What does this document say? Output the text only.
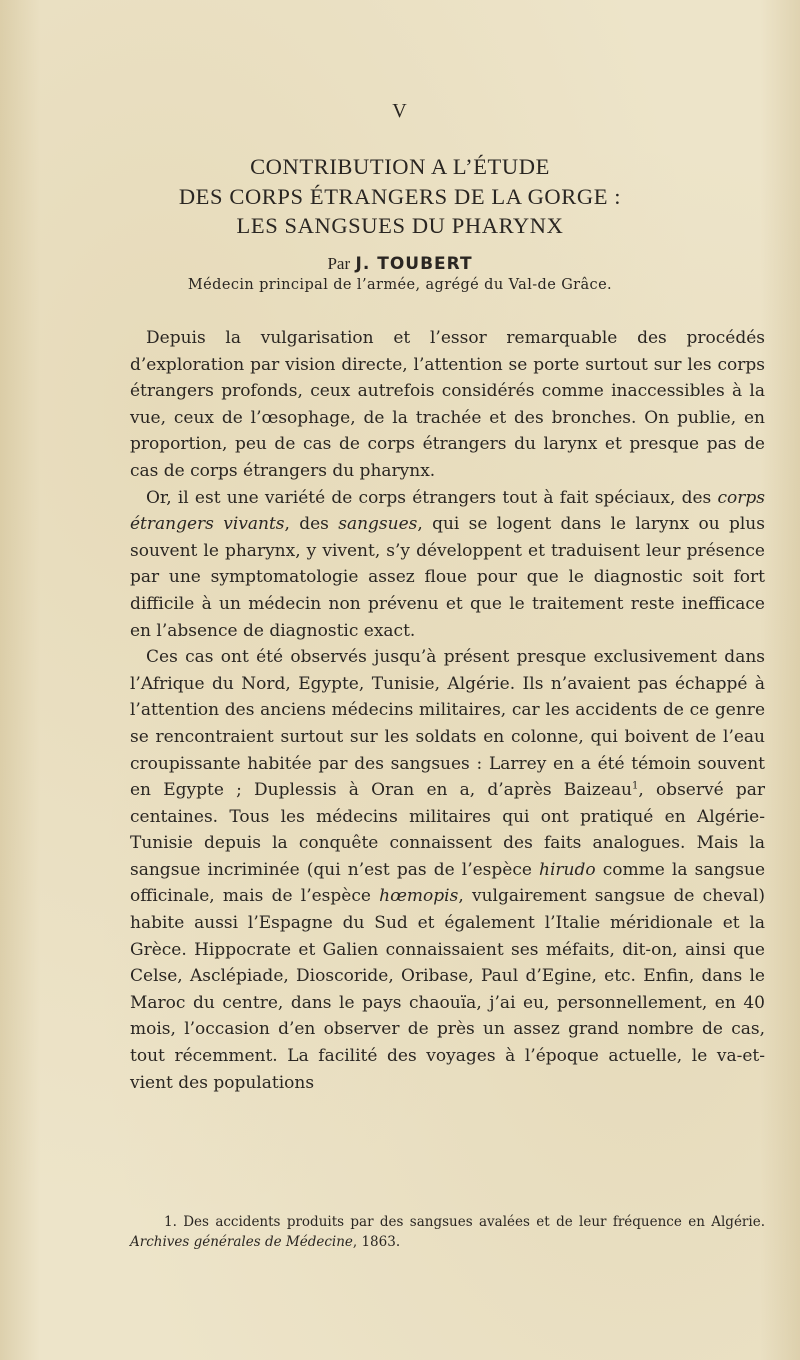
V
CONTRIBUTION A L’ÉTUDE
DES CORPS ÉTRANGERS DE LA GORGE :
LES SANGSUES DU PHARYNX
Par J. TOUBERT
Médecin principal de l’armée, agrégé du Val-de Grâce.

Depuis la vulgarisation et l’essor remarquable des procédés d’exploration par vision directe, l’attention se porte surtout sur les corps étrangers profonds, ceux autrefois considérés comme inaccessibles à la vue, ceux de l’œsophage, de la trachée et des bronches. On publie, en proportion, peu de cas de corps étrangers du larynx et presque pas de cas de corps étrangers du pharynx.

Or, il est une variété de corps étrangers tout à fait spéciaux, des corps étrangers vivants, des sangsues, qui se logent dans le larynx ou plus souvent le pharynx, y vivent, s’y développent et traduisent leur présence par une symptomatologie assez floue pour que le diagnostic soit fort difficile à un médecin non prévenu et que le traitement reste inefficace en l’absence de diagnostic exact.

Ces cas ont été observés jusqu’à présent presque exclusivement dans l’Afrique du Nord, Egypte, Tunisie, Algérie. Ils n’avaient pas échappé à l’attention des anciens médecins militaires, car les accidents de ce genre se rencontraient surtout sur les soldats en colonne, qui boivent de l’eau croupissante habitée par des sangsues : Larrey en a été témoin souvent en Egypte ; Duplessis à Oran en a, d’après Baizeau$^1$, observé par centaines. Tous les médecins militaires qui ont pratiqué en Algérie-Tunisie depuis la conquête connaissent des faits analogues. Mais la sangsue incriminée (qui n’est pas de l’espèce hirudo comme la sangsue officinale, mais de l’espèce hœmopis, vulgairement sangsue de cheval) habite aussi l’Espagne du Sud et également l’Italie méridionale et la Grèce. Hippocrate et Galien connaissaient ses méfaits, dit-on, ainsi que Celse, Asclépiade, Dioscoride, Oribase, Paul d’Egine, etc. Enfin, dans le Maroc du centre, dans le pays chaouïa, j’ai eu, personnellement, en 40 mois, l’occasion d’en observer de près un assez grand nombre de cas, tout récemment. La facilité des voyages à l’époque actuelle, le va-et-vient des populations

1. Des accidents produits par des sangsues avalées et de leur fréquence en Algérie. Archives générales de Médecine, 1863.
